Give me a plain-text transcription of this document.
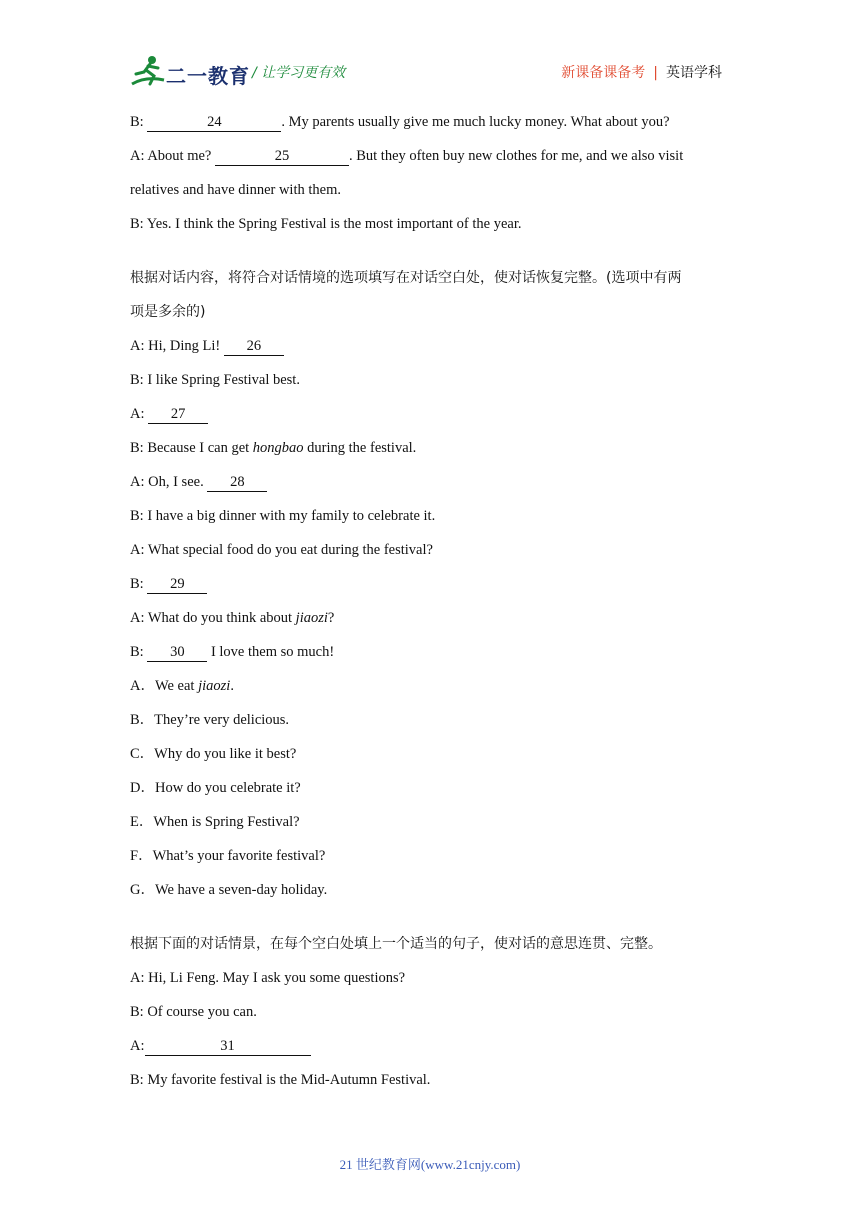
二一教育 / 让学习更有效	新课备课备考 | 英语学科
B:	24	. My parents usually give me much lucky money. What about you?
A: About me?	25	. But they often buy new clothes for me, and we also visit
relatives and have dinner with them.
B: Yes. I think the Spring Festival is the most important of the year.
根据对话内容，将符合对话情境的选项填写在对话空白处，使对话恢复完整。(选项中有两
项是多余的)
A: Hi, Ding Li! 26
B: I like Spring Festival best.
A: 27
B: Because I can get hongbao during the festival.
A: Oh, I see. 28
B: I have a big dinner with my family to celebrate it.
A: What special food do you eat during the festival?
B: 29
A: What do you think about jiaozi?
B: 30 I love them so much!
A．We eat jiaozi.
B．They’re very delicious.
C．Why do you like it best?
D．How do you celebrate it?
E．When is Spring Festival?
F．What’s your favorite festival?
G．We have a seven-day holiday.
根据下面的对话情景，在每个空白处填上一个适当的句子，使对话的意思连贯、完整。
A: Hi, Li Feng. May I ask you some questions?
B: Of course you can.
A:	31
B: My favorite festival is the Mid-Autumn Festival.
21 世纪教育网(www.21cnjy.com)
